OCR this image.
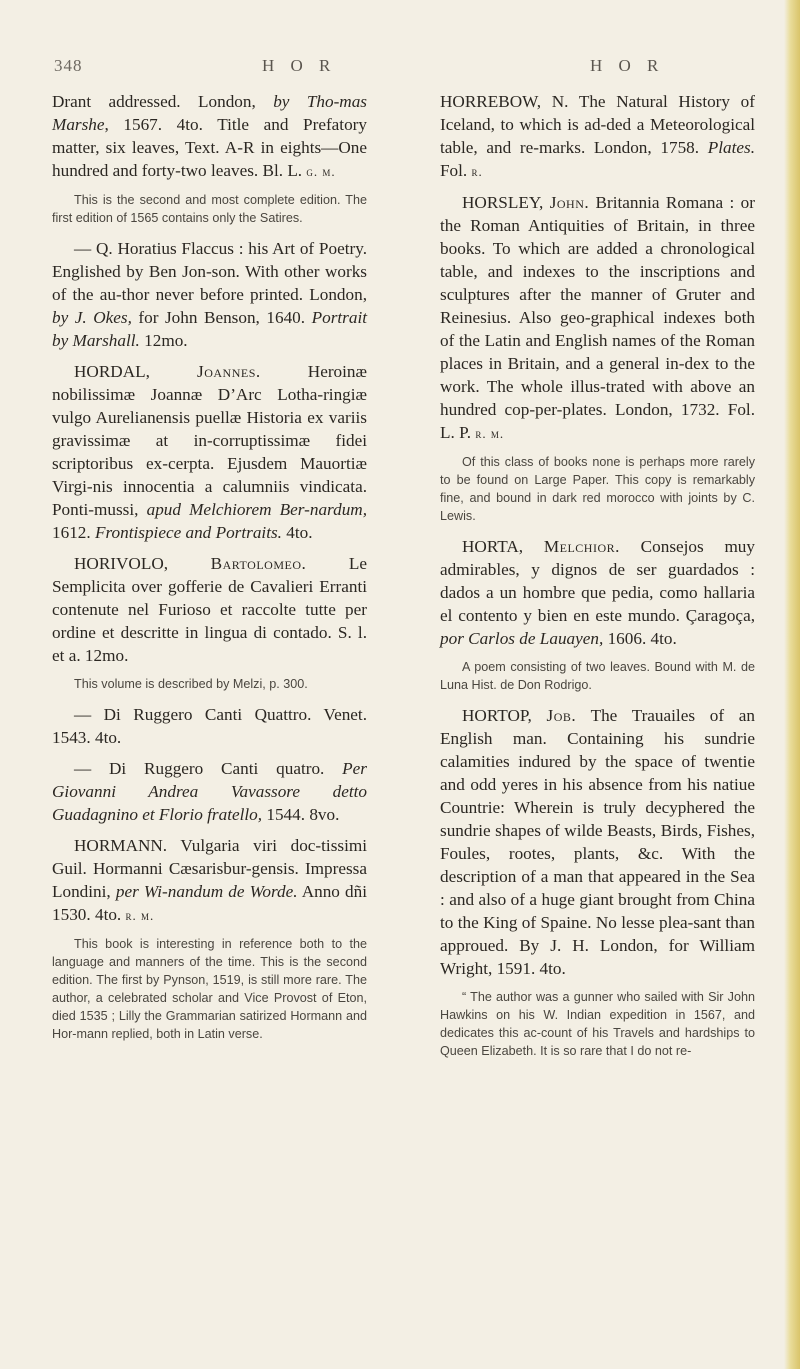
348	H O R	H O R

Drant addressed. London, by Tho-mas Marshe, 1567. 4to. Title and Prefatory matter, six leaves, Text. A-R in eights—One hundred and forty-two leaves. Bl. L. g. m.

This is the second and most complete edition. The first edition of 1565 contains only the Satires.

— Q. Horatius Flaccus : his Art of Poetry. Englished by Ben Jon-son. With other works of the au-thor never before printed. London, by J. Okes, for John Benson, 1640. Portrait by Marshall. 12mo.

HORDAL, Joannes. Heroinæ nobilissimæ Joannæ D’Arc Lotha-ringiæ vulgo Aurelianensis puellæ Historia ex variis gravissimæ at in-corruptissimæ fidei scriptoribus ex-cerpta. Ejusdem Mauortiæ Virgi-nis innocentia a calumniis vindicata. Ponti-mussi, apud Melchiorem Ber-nardum, 1612. Frontispiece and Portraits. 4to.

HORIVOLO, Bartolomeo. Le Semplicita over gofferie de Cavalieri Erranti contenute nel Furioso et raccolte tutte per ordine et descritte in lingua di contado. S. l. et a. 12mo.

This volume is described by Melzi, p. 300.

— Di Ruggero Canti Quattro. Venet. 1543. 4to.

— Di Ruggero Canti quatro. Per Giovanni Andrea Vavassore detto Guadagnino et Florio fratello, 1544. 8vo.

HORMANN. Vulgaria viri doc-tissimi Guil. Hormanni Cæsarisbur-gensis. Impressa Londini, per Wi-nandum de Worde. Anno dñi 1530. 4to. r. m.

This book is interesting in reference both to the language and manners of the time. This is the second edition. The first by Pynson, 1519, is still more rare. The author, a celebrated scholar and Vice Provost of Eton, died 1535 ; Lilly the Grammarian satirized Hormann and Hor-mann replied, both in Latin verse.

HORREBOW, N. The Natural History of Iceland, to which is ad-ded a Meteorological table, and re-marks. London, 1758. Plates. Fol. r.

HORSLEY, John. Britannia Romana : or the Roman Antiquities of Britain, in three books. To which are added a chronological table, and indexes to the inscriptions and sculptures after the manner of Gruter and Reinesius. Also geo-graphical indexes both of the Latin and English names of the Roman places in Britain, and a general in-dex to the work. The whole illus-trated with above an hundred cop-per-plates. London, 1732. Fol. L. P. r. m.

Of this class of books none is perhaps more rarely to be found on Large Paper. This copy is remarkably fine, and bound in dark red morocco with joints by C. Lewis.

HORTA, Melchior. Consejos muy admirables, y dignos de ser guardados : dados a un hombre que pedia, como hallaria el contento y bien en este mundo. Çaragoça, por Carlos de Lauayen, 1606. 4to.

A poem consisting of two leaves. Bound with M. de Luna Hist. de Don Rodrigo.

HORTOP, Job. The Trauailes of an English man. Containing his sundrie calamities indured by the space of twentie and odd yeres in his absence from his natiue Countrie: Wherein is truly decyphered the sundrie shapes of wilde Beasts, Birds, Fishes, Foules, rootes, plants, &c. With the description of a man that appeared in the Sea : and also of a huge giant brought from China to the King of Spaine. No lesse plea-sant than approued. By J. H. London, for William Wright, 1591. 4to.

“ The author was a gunner who sailed with Sir John Hawkins on his W. Indian expedition in 1567, and dedicates this ac-count of his Travels and hardships to Queen Elizabeth. It is so rare that I do not re-
